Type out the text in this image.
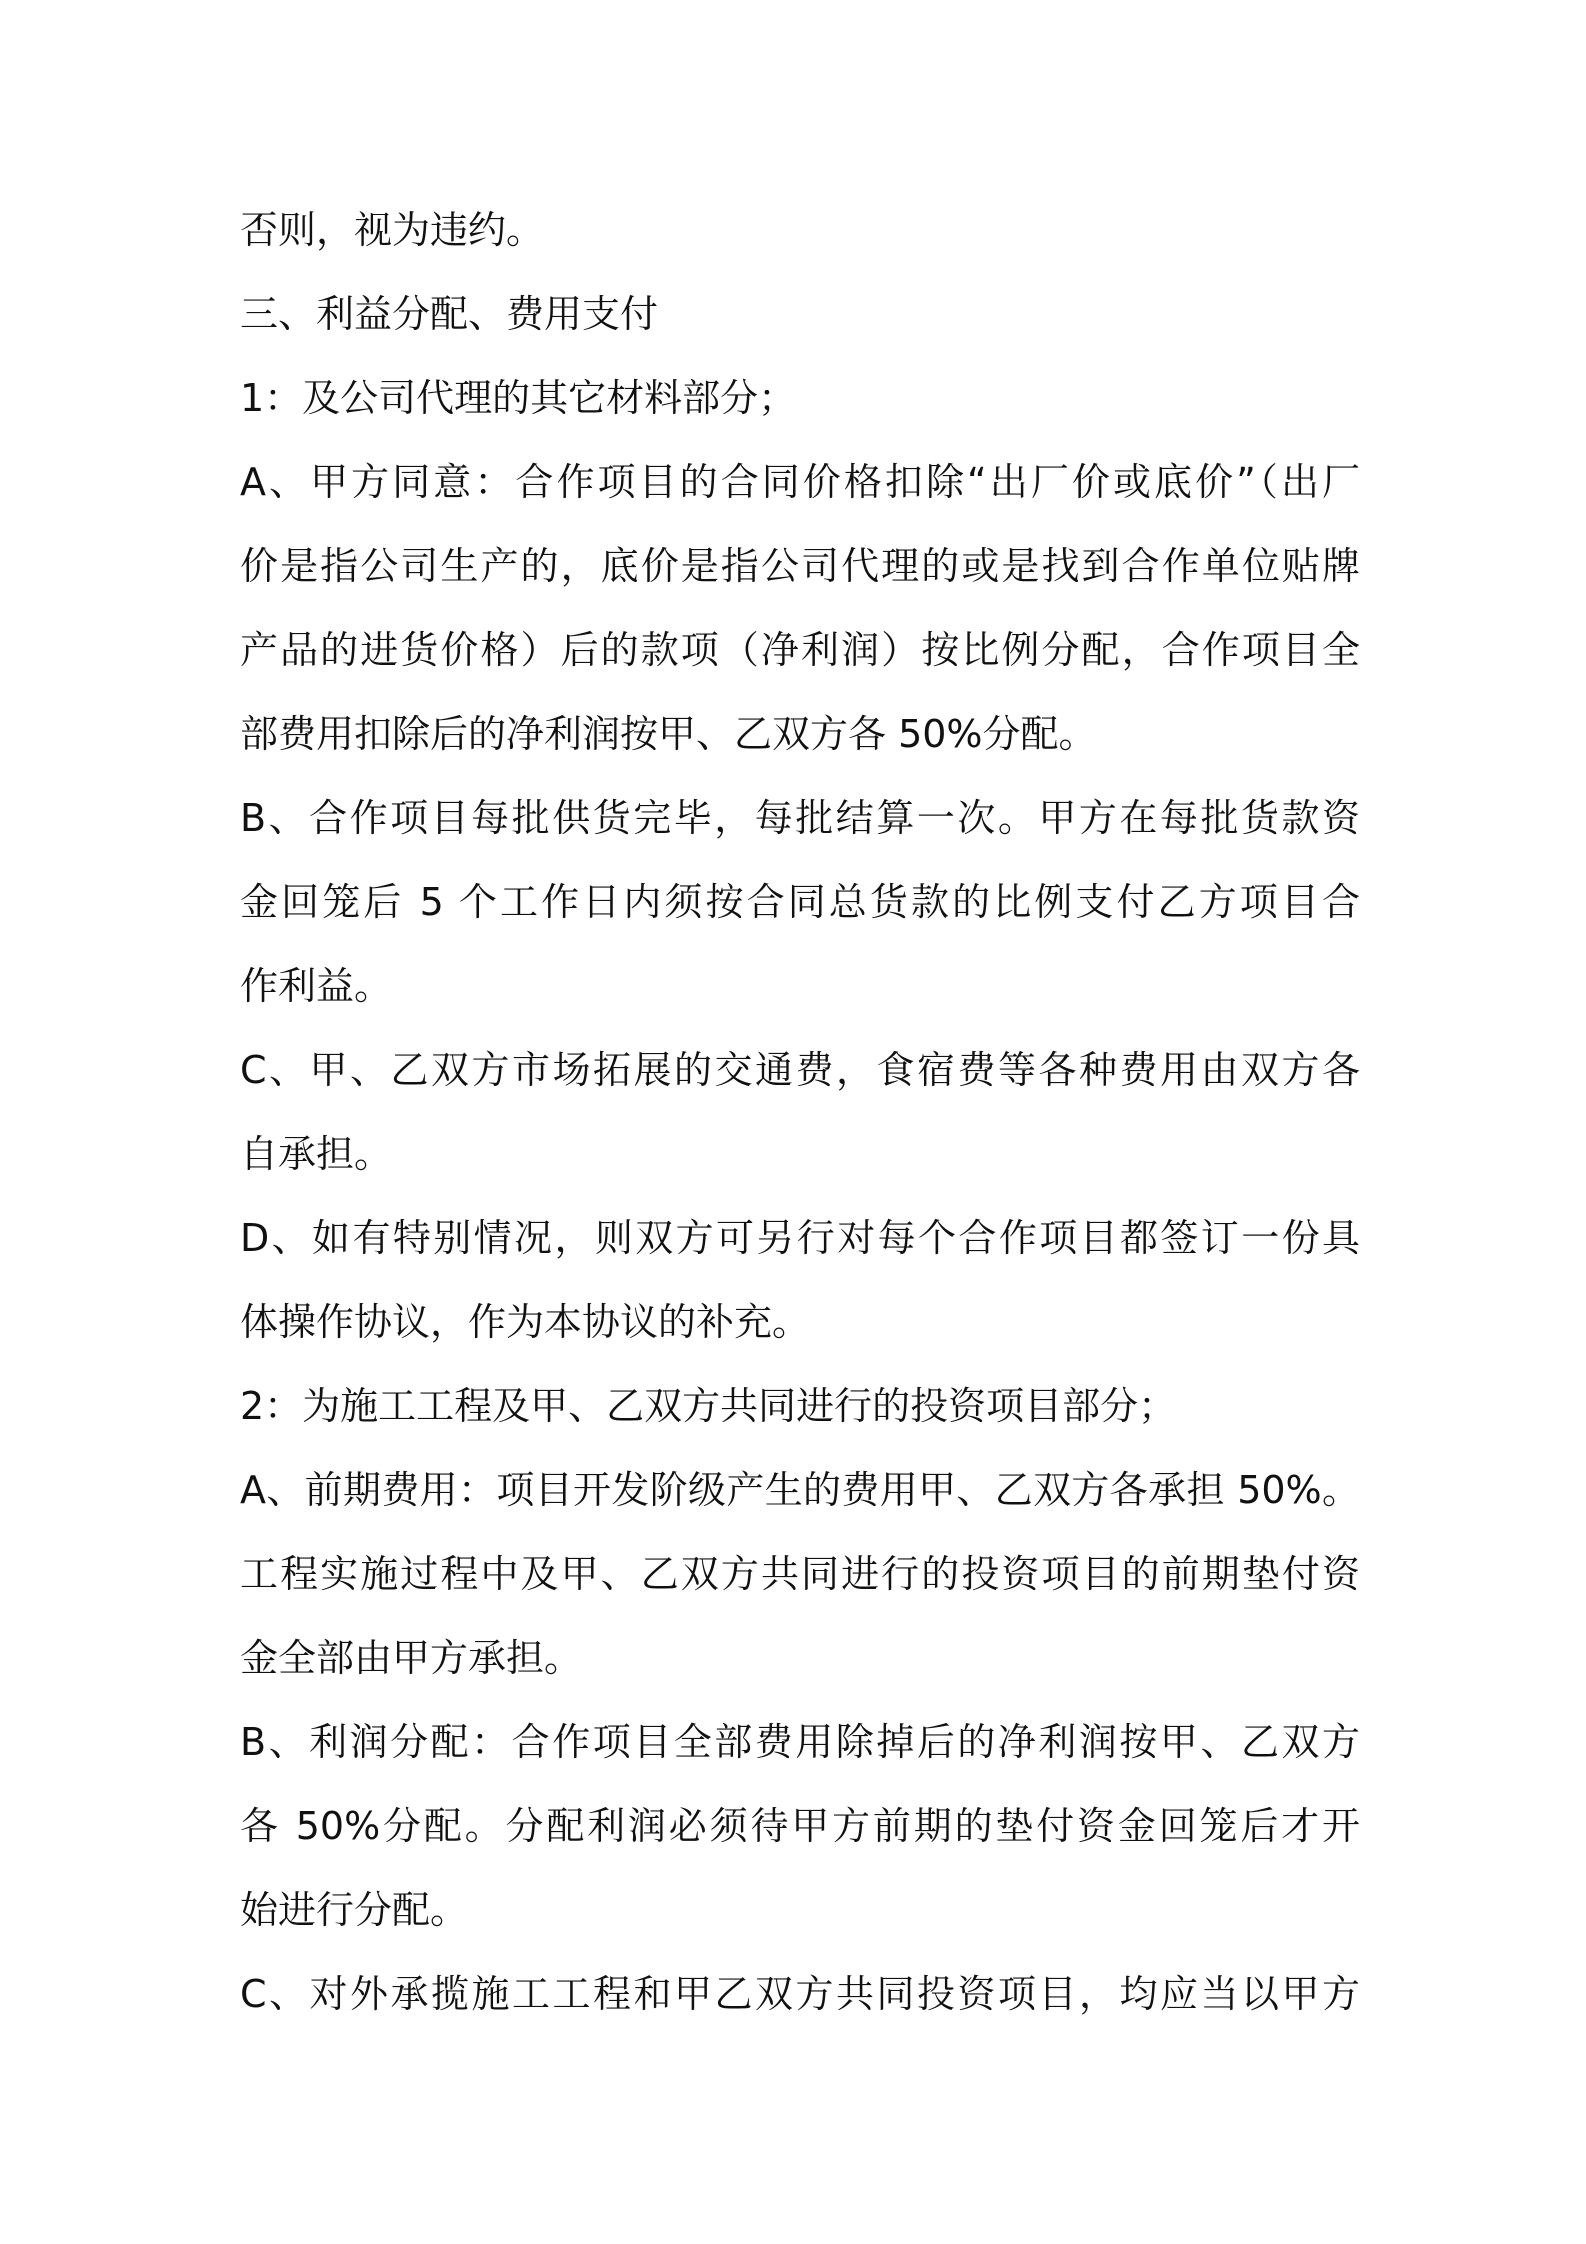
否则，视为违约。
三、利益分配、费用支付
1：及公司代理的其它材料部分；
A、甲方同意：合作项目的合同价格扣除“出厂价或底价”（出厂
价是指公司生产的，底价是指公司代理的或是找到合作单位贴牌
产品的进货价格）后的款项（净利润）按比例分配，合作项目全
部费用扣除后的净利润按甲、乙双方各 50%分配。
B、合作项目每批供货完毕，每批结算一次。甲方在每批货款资
金回笼后 5 个工作日内须按合同总货款的比例支付乙方项目合
作利益。
C、甲、乙双方市场拓展的交通费，食宿费等各种费用由双方各
自承担。
D、如有特别情况，则双方可另行对每个合作项目都签订一份具
体操作协议，作为本协议的补充。
2：为施工工程及甲、乙双方共同进行的投资项目部分；
A、前期费用：项目开发阶级产生的费用甲、乙双方各承担 50%。
工程实施过程中及甲、乙双方共同进行的投资项目的前期垫付资
金全部由甲方承担。
B、利润分配：合作项目全部费用除掉后的净利润按甲、乙双方
各 50%分配。分配利润必须待甲方前期的垫付资金回笼后才开
始进行分配。
C、对外承揽施工工程和甲乙双方共同投资项目，均应当以甲方
